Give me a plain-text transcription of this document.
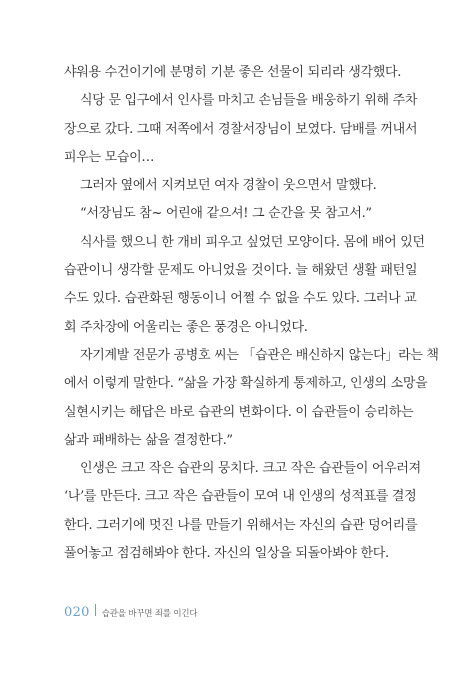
샤워용 수건이기에 분명히 기분 좋은 선물이 되리라 생각했다.
식당 문 입구에서 인사를 마치고 손님들을 배웅하기 위해 주차
장으로 갔다. 그때 저쪽에서 경찰서장님이 보였다. 담배를 꺼내서
피우는 모습이…
그러자 옆에서 지켜보던 여자 경찰이 웃으면서 말했다.
“서장님도 참~ 어린애 같으셔! 그 순간을 못 참고서.”
식사를 했으니 한 개비 피우고 싶었던 모양이다. 몸에 배어 있던
습관이니 생각할 문제도 아니었을 것이다. 늘 해왔던 생활 패턴일
수도 있다. 습관화된 행동이니 어쩔 수 없을 수도 있다. 그러나 교
회 주차장에 어울리는 좋은 풍경은 아니었다.
자기계발 전문가 공병호 씨는 「습관은 배신하지 않는다」라는 책
에서 이렇게 말한다. “삶을 가장 확실하게 통제하고, 인생의 소망을
실현시키는 해답은 바로 습관의 변화이다. 이 습관들이 승리하는
삶과 패배하는 삶을 결정한다.”
인생은 크고 작은 습관의 뭉치다. 크고 작은 습관들이 어우러져
‘나’를 만든다. 크고 작은 습관들이 모여 내 인생의 성적표를 결정
한다. 그러기에 멋진 나를 만들기 위해서는 자신의 습관 덩어리를
풀어놓고 점검해봐야 한다. 자신의 일상을 되돌아봐야 한다.
020 습관을 바꾸면 죄를 이긴다
